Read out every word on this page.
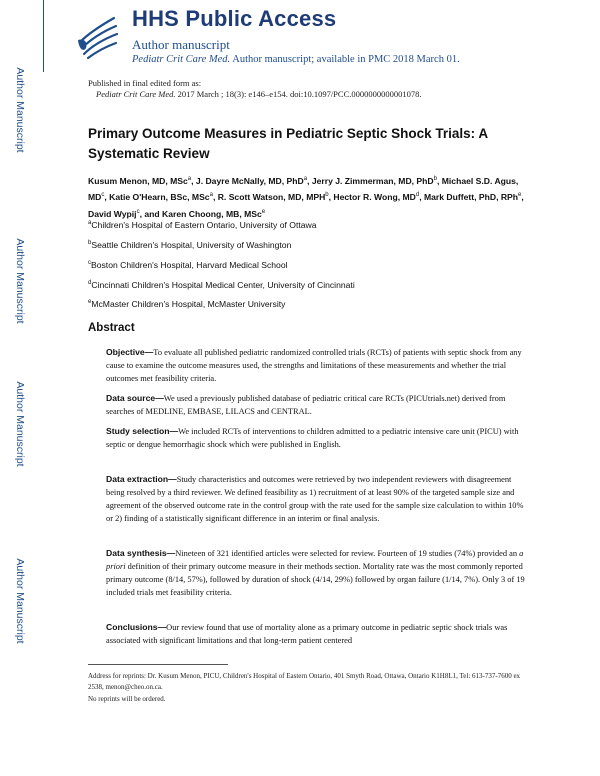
Author Manuscript
Author Manuscript
Author Manuscript
Author Manuscript
HHS Public Access
Author manuscript
Pediatr Crit Care Med. Author manuscript; available in PMC 2018 March 01.
Published in final edited form as:
Pediatr Crit Care Med. 2017 March ; 18(3): e146–e154. doi:10.1097/PCC.0000000000001078.
Primary Outcome Measures in Pediatric Septic Shock Trials: A Systematic Review
Kusum Menon, MD, MSc$^a$, J. Dayre McNally, MD, PhD$^a$, Jerry J. Zimmerman, MD, PhD$^b$, Michael S.D. Agus, $MD^c$, Katie O'Hearn, BSc, MSc$^a$, R. Scott Watson, MD, MPH$^b$, Hector R. Wong, $MD^d$, Mark Duffett, PhD, RPh$^e$, David Wypij$^c$, and Karen Choong, MB, MSc$^e$
$^a$Children's Hospital of Eastern Ontario, University of Ottawa
$^b$Seattle Children's Hospital, University of Washington
$^c$Boston Children's Hospital, Harvard Medical School
$^d$Cincinnati Children's Hospital Medical Center, University of Cincinnati
$^e$McMaster Children's Hospital, McMaster University
Abstract
Objective—To evaluate all published pediatric randomized controlled trials (RCTs) of patients with septic shock from any cause to examine the outcome measures used, the strengths and limitations of these measurements and whether the trial outcomes met feasibility criteria.
Data source—We used a previously published database of pediatric critical care RCTs (PICUtrials.net) derived from searches of MEDLINE, EMBASE, LILACS and CENTRAL.
Study selection—We included RCTs of interventions to children admitted to a pediatric intensive care unit (PICU) with septic or dengue hemorrhagic shock which were published in English.
Data extraction—Study characteristics and outcomes were retrieved by two independent reviewers with disagreement being resolved by a third reviewer. We defined feasibility as 1) recruitment of at least 90% of the targeted sample size and agreement of the observed outcome rate in the control group with the rate used for the sample size calculation to within 10% or 2) finding of a statistically significant difference in an interim or final analysis.
Data synthesis—Nineteen of 321 identified articles were selected for review. Fourteen of 19 studies (74%) provided an a priori definition of their primary outcome measure in their methods section. Mortality rate was the most commonly reported primary outcome (8/14, 57%), followed by duration of shock (4/14, 29%) followed by organ failure (1/14, 7%). Only 3 of 19 included trials met feasibility criteria.
Conclusions—Our review found that use of mortality alone as a primary outcome in pediatric septic shock trials was associated with significant limitations and that long-term patient centered
Address for reprints: Dr. Kusum Menon, PICU, Children's Hospital of Eastern Ontario, 401 Smyth Road, Ottawa, Ontario K1H8L1, Tel: 613-737-7600 ex 2538, menon@cheo.on.ca.
No reprints will be ordered.
